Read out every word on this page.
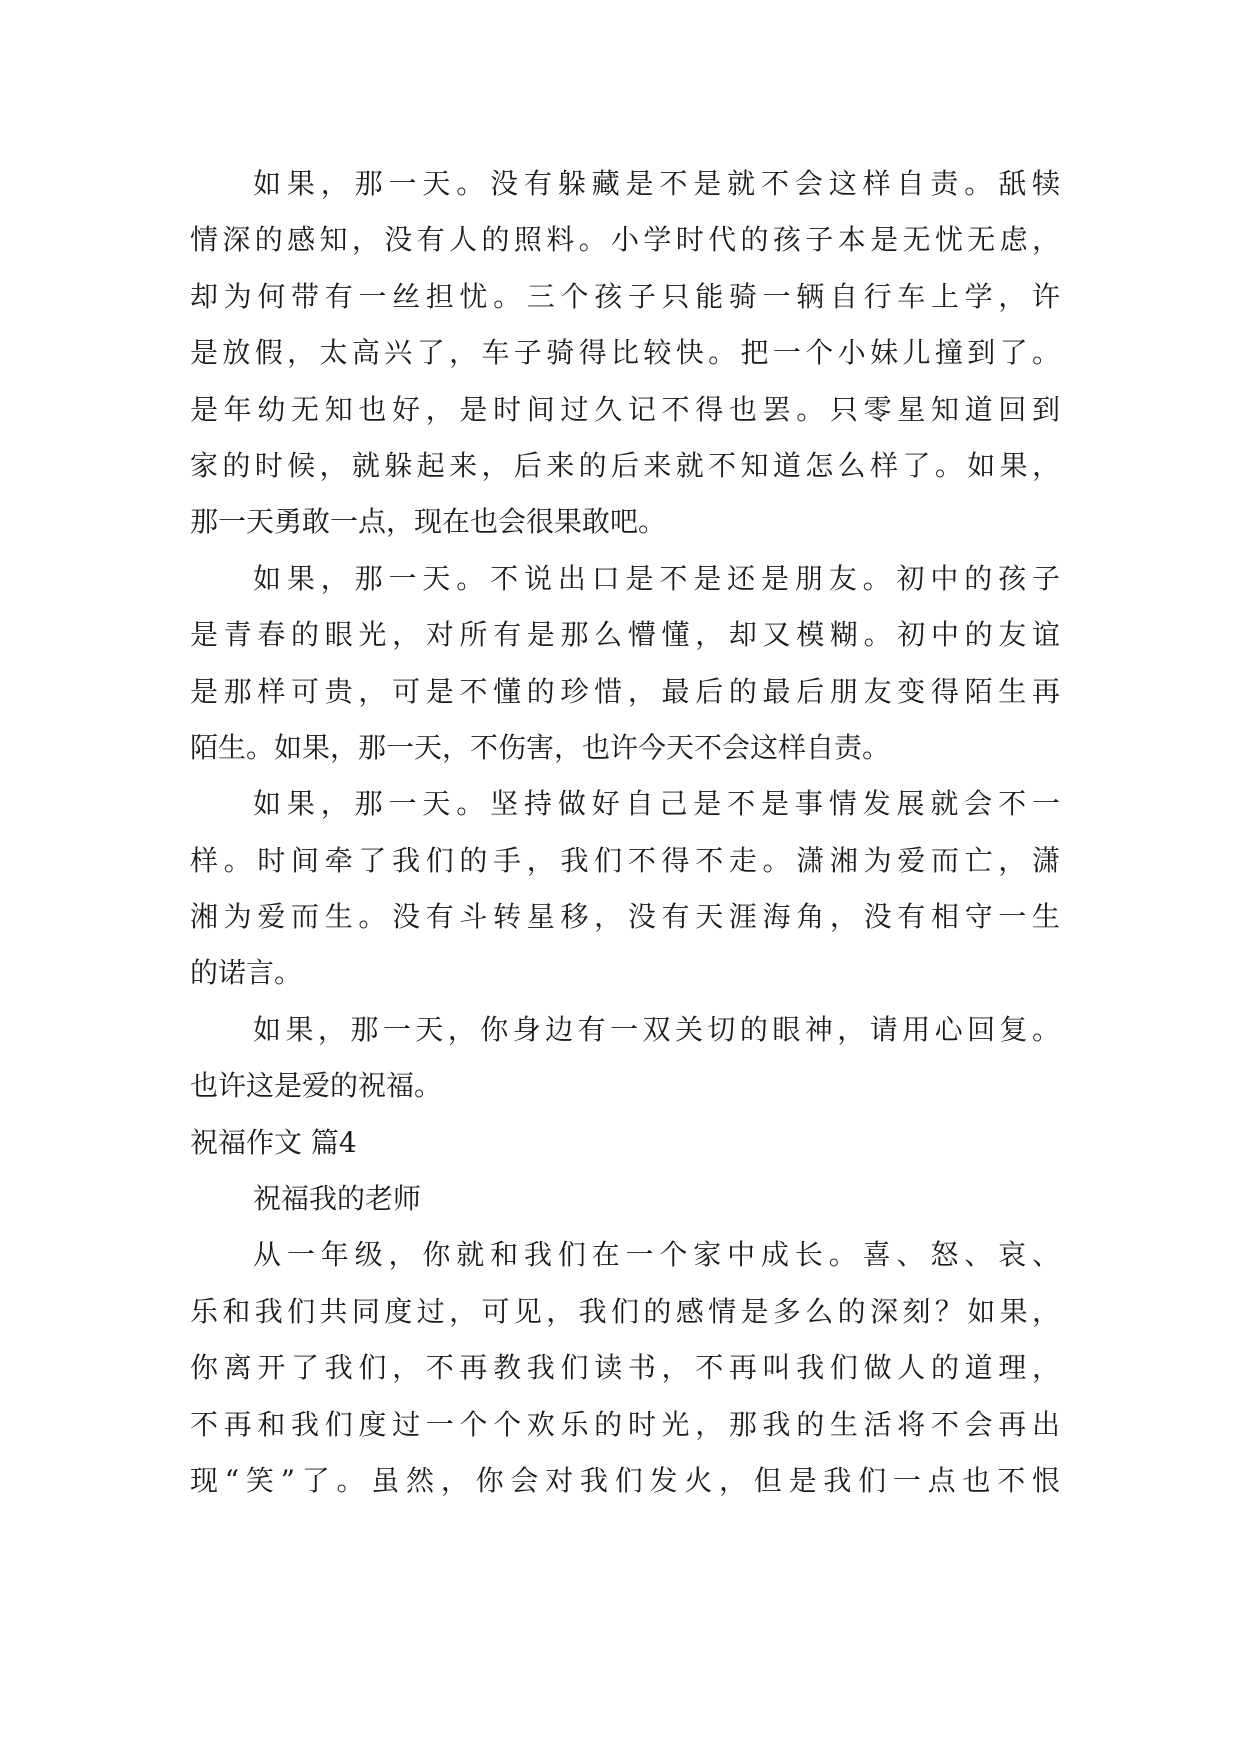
如果，那一天。没有躲藏是不是就不会这样自责。舐犊
情深的感知，没有人的照料。小学时代的孩子本是无忧无虑，
却为何带有一丝担忧。三个孩子只能骑一辆自行车上学，许
是放假，太高兴了，车子骑得比较快。把一个小妹儿撞到了。
是年幼无知也好，是时间过久记不得也罢。只零星知道回到
家的时候，就躲起来，后来的后来就不知道怎么样了。如果，
那一天勇敢一点，现在也会很果敢吧。
如果，那一天。不说出口是不是还是朋友。初中的孩子
是青春的眼光，对所有是那么懵懂，却又模糊。初中的友谊
是那样可贵，可是不懂的珍惜，最后的最后朋友变得陌生再
陌生。如果，那一天，不伤害，也许今天不会这样自责。
如果，那一天。坚持做好自己是不是事情发展就会不一
样。时间牵了我们的手，我们不得不走。潇湘为爱而亡，潇
湘为爱而生。没有斗转星移，没有天涯海角，没有相守一生
的诺言。
如果，那一天，你身边有一双关切的眼神，请用心回复。
也许这是爱的祝福。
祝福作文 篇4
祝福我的老师
从一年级，你就和我们在一个家中成长。喜、怒、哀、
乐和我们共同度过，可见，我们的感情是多么的深刻？如果，
你离开了我们，不再教我们读书，不再叫我们做人的道理，
不再和我们度过一个个欢乐的时光，那我的生活将不会再出
现“笑”了。虽然，你会对我们发火，但是我们一点也不恨
